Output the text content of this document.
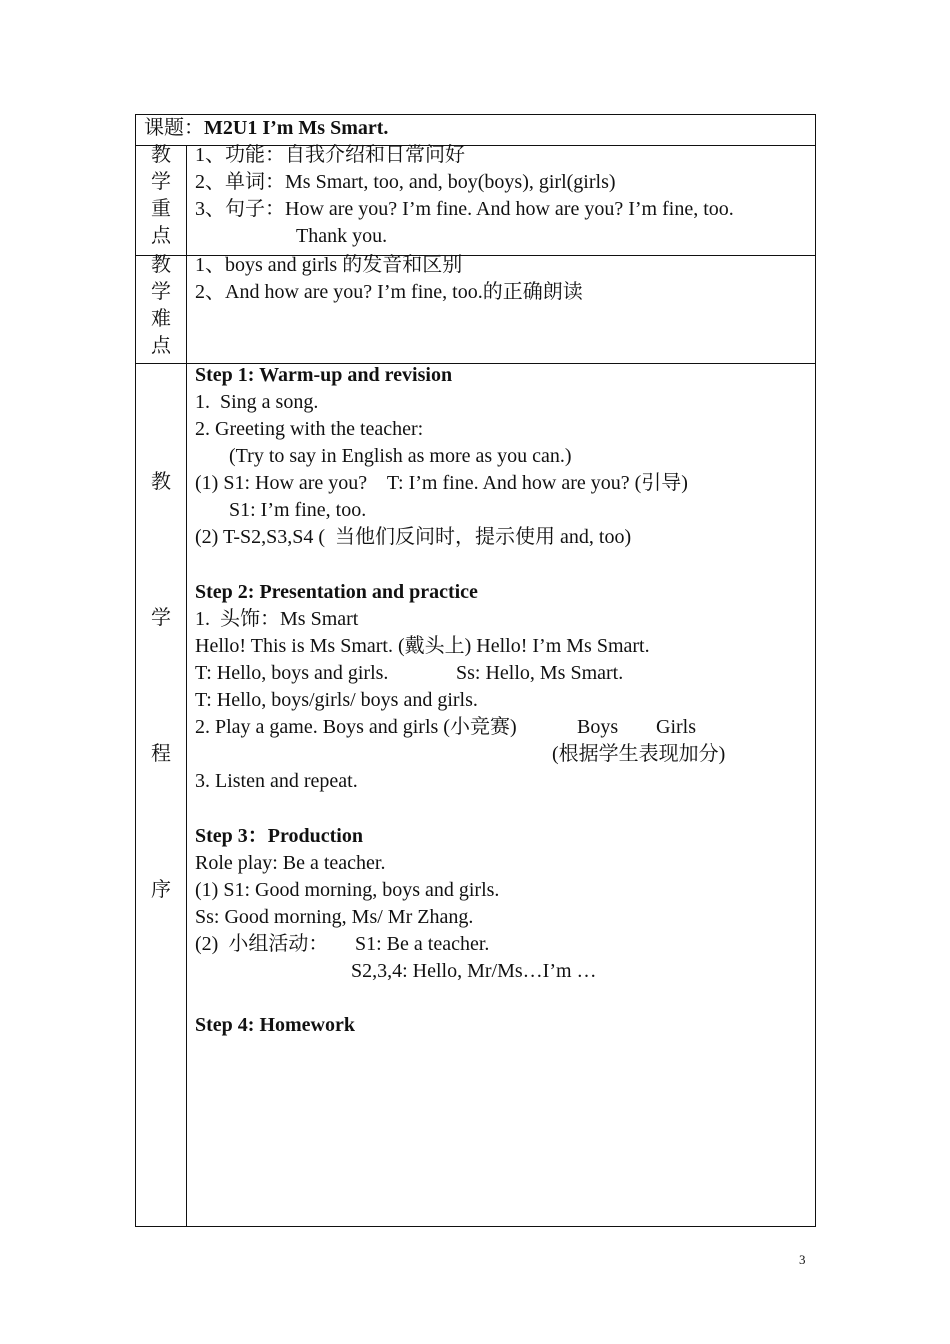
课题：M2U1 I’m Ms Smart.
教
学
重
点
1、功能：自我介绍和日常问好
2、单词：Ms Smart, too, and, boy(boys), girl(girls)
3、句子：How are you? I’m fine. And how are you? I’m fine, too.
Thank you.
教
学
难
点
1、boys and girls 的发音和区别
2、And how are you? I’m fine, too.的正确朗读
教
学
程
序
Step 1: Warm-up and revision
1.  Sing a song.
2. Greeting with the teacher:
(Try to say in English as more as you can.)
(1) S1: How are you?    T: I’m fine. And how are you? (引导)
S1: I’m fine, too.
(2) T-S2,S3,S4 (  当他们反问时，提示使用 and, too)
Step 2: Presentation and practice
1.  头饰：Ms Smart
Hello! This is Ms Smart. (戴头上) Hello! I’m Ms Smart.
T: Hello, boys and girls.	Ss: Hello, Ms Smart.
T: Hello, boys/girls/ boys and girls.
2. Play a game. Boys and girls (小竞赛)	Boys Girls
(根据学生表现加分)
3. Listen and repeat.
Step 3：Production
Role play: Be a teacher.
(1) S1: Good morning, boys and girls.
Ss: Good morning, Ms/ Mr Zhang.
(2)  小组活动： S1: Be a teacher.
S2,3,4: Hello, Mr/Ms…I’m …
Step 4: Homework
3
